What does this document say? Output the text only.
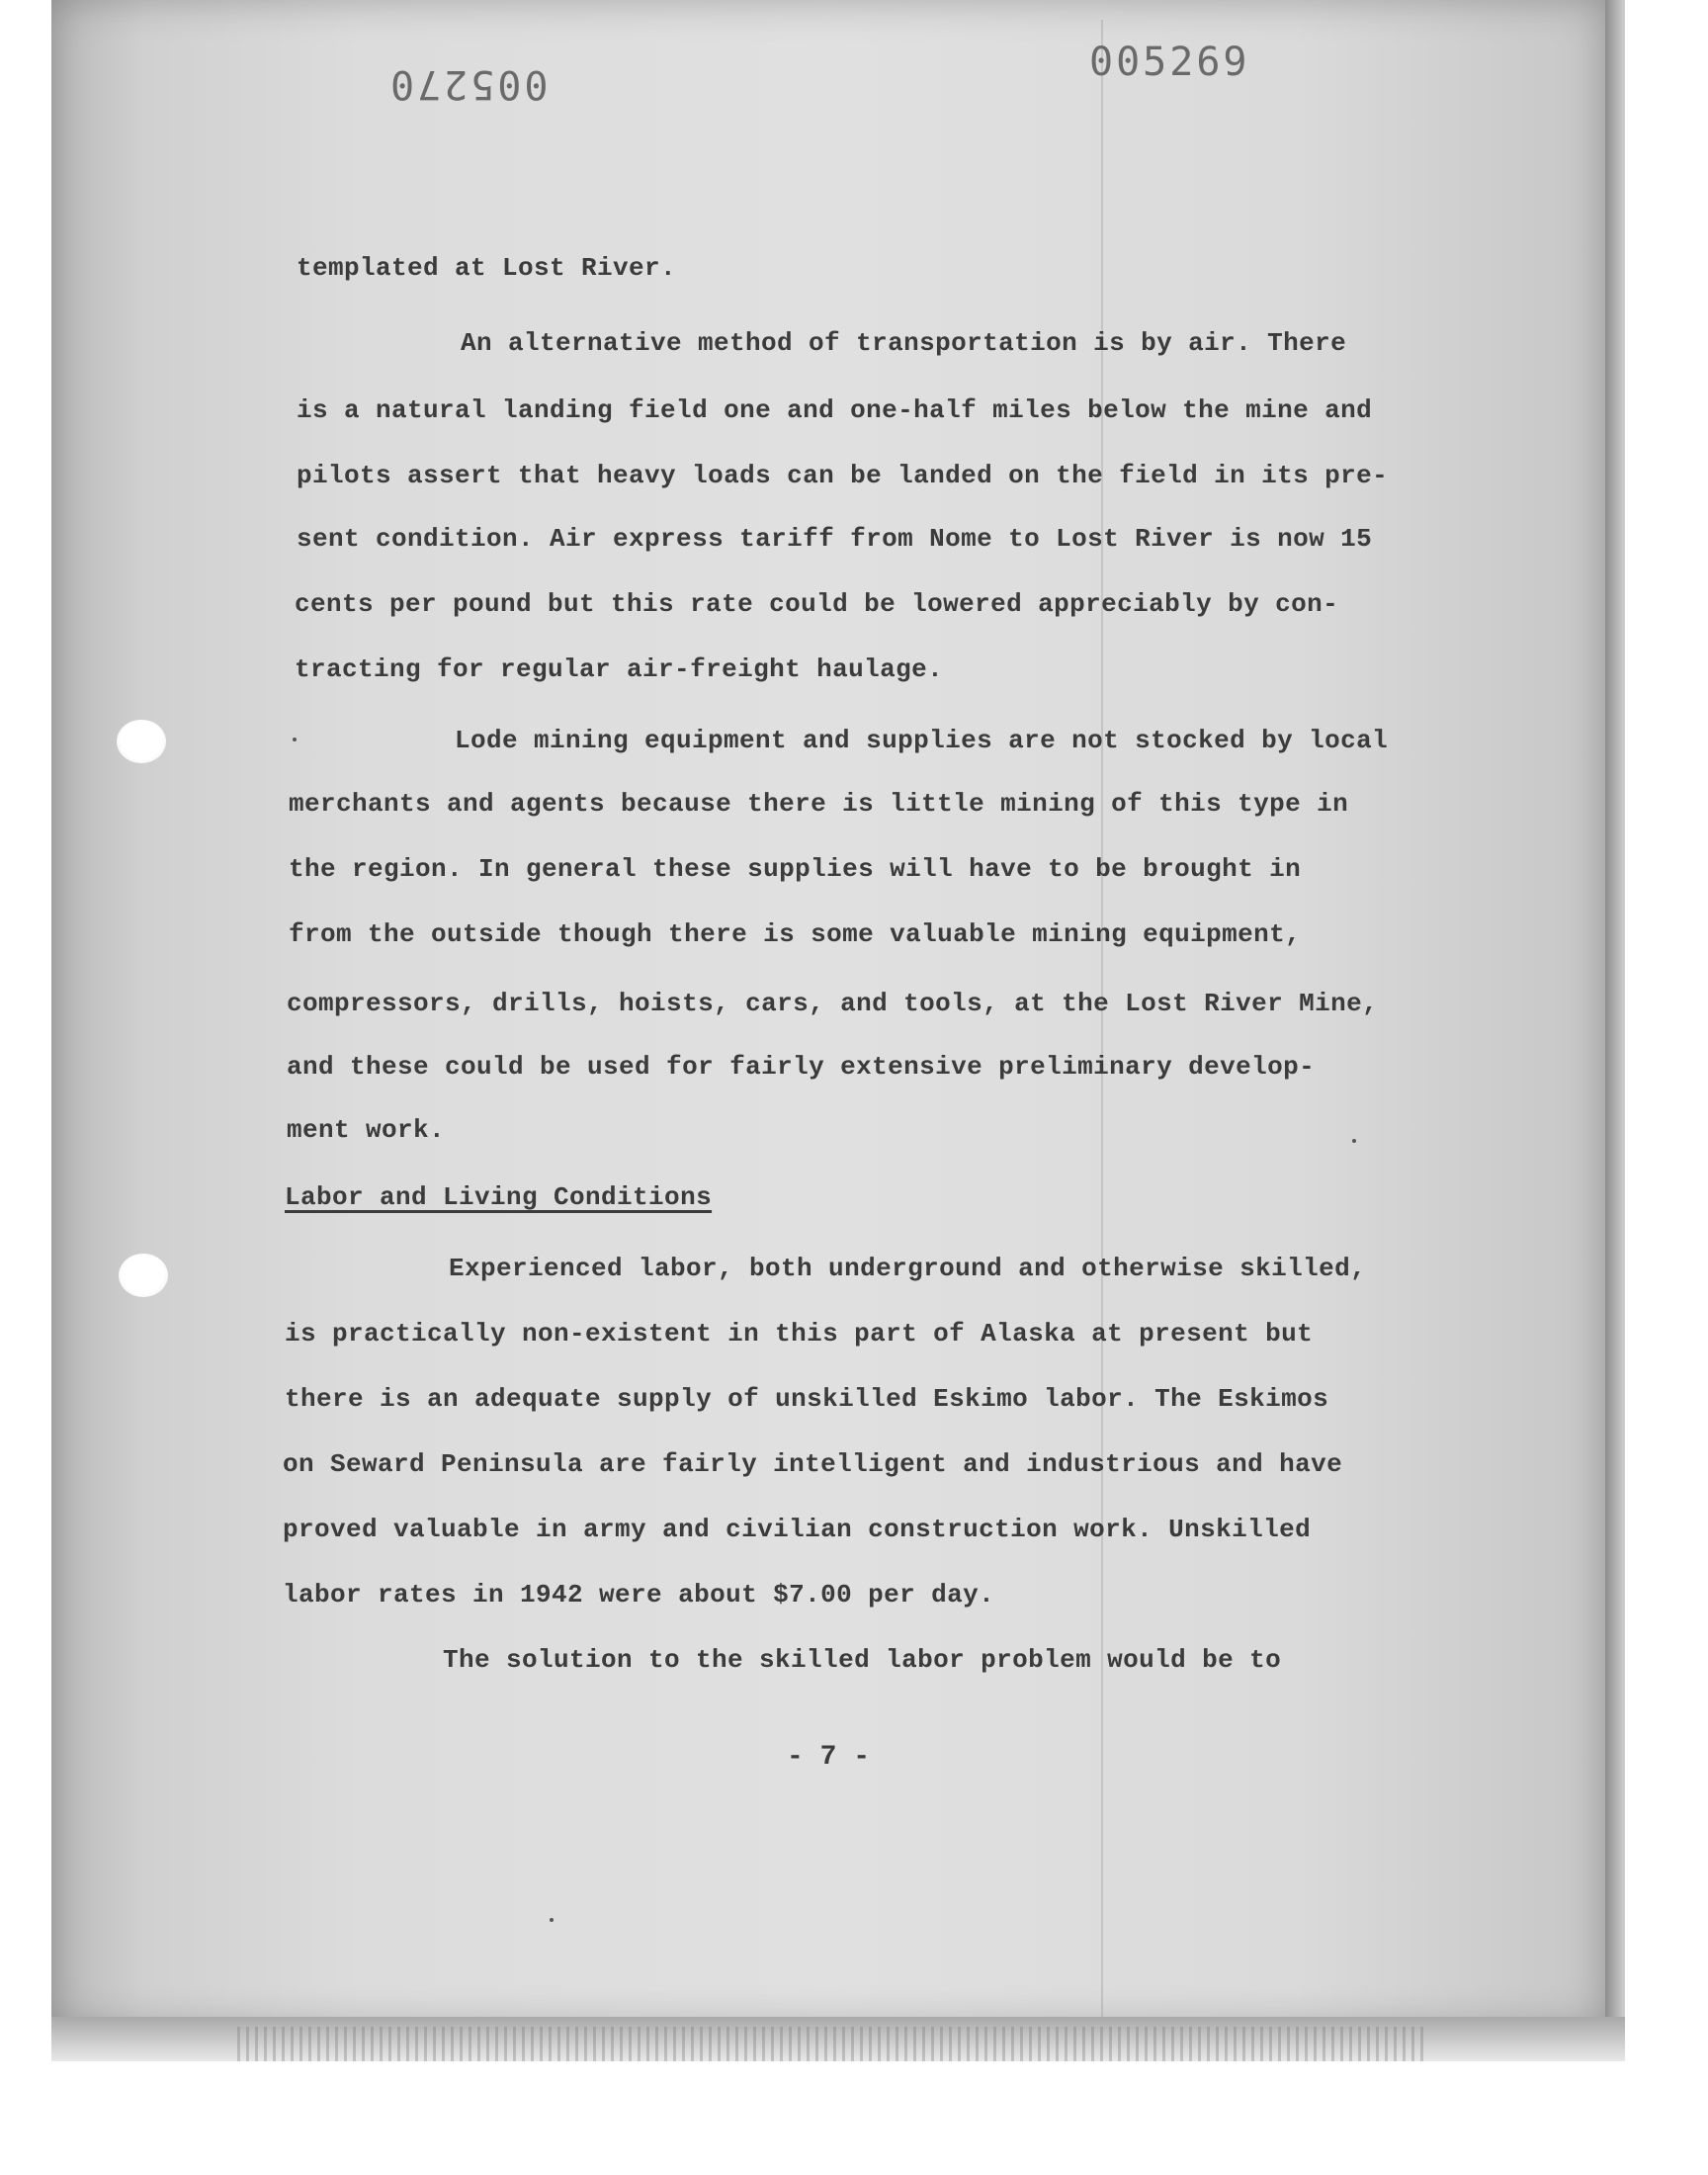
005270	005269
templated at Lost River.
An alternative method of transportation is by air. There
is a natural landing field one and one-half miles below the mine and
pilots assert that heavy loads can be landed on the field in its pre-
sent condition. Air express tariff from Nome to Lost River is now 15
cents per pound but this rate could be lowered appreciably by con-
tracting for regular air-freight haulage.
Lode mining equipment and supplies are not stocked by local
merchants and agents because there is little mining of this type in
the region. In general these supplies will have to be brought in
from the outside though there is some valuable mining equipment,
compressors, drills, hoists, cars, and tools, at the Lost River Mine,
and these could be used for fairly extensive preliminary develop-
ment work.
Labor and Living Conditions
Experienced labor, both underground and otherwise skilled,
is practically non-existent in this part of Alaska at present but
there is an adequate supply of unskilled Eskimo labor. The Eskimos
on Seward Peninsula are fairly intelligent and industrious and have
proved valuable in army and civilian construction work. Unskilled
labor rates in 1942 were about $7.00 per day.
The solution to the skilled labor problem would be to
- 7 -
